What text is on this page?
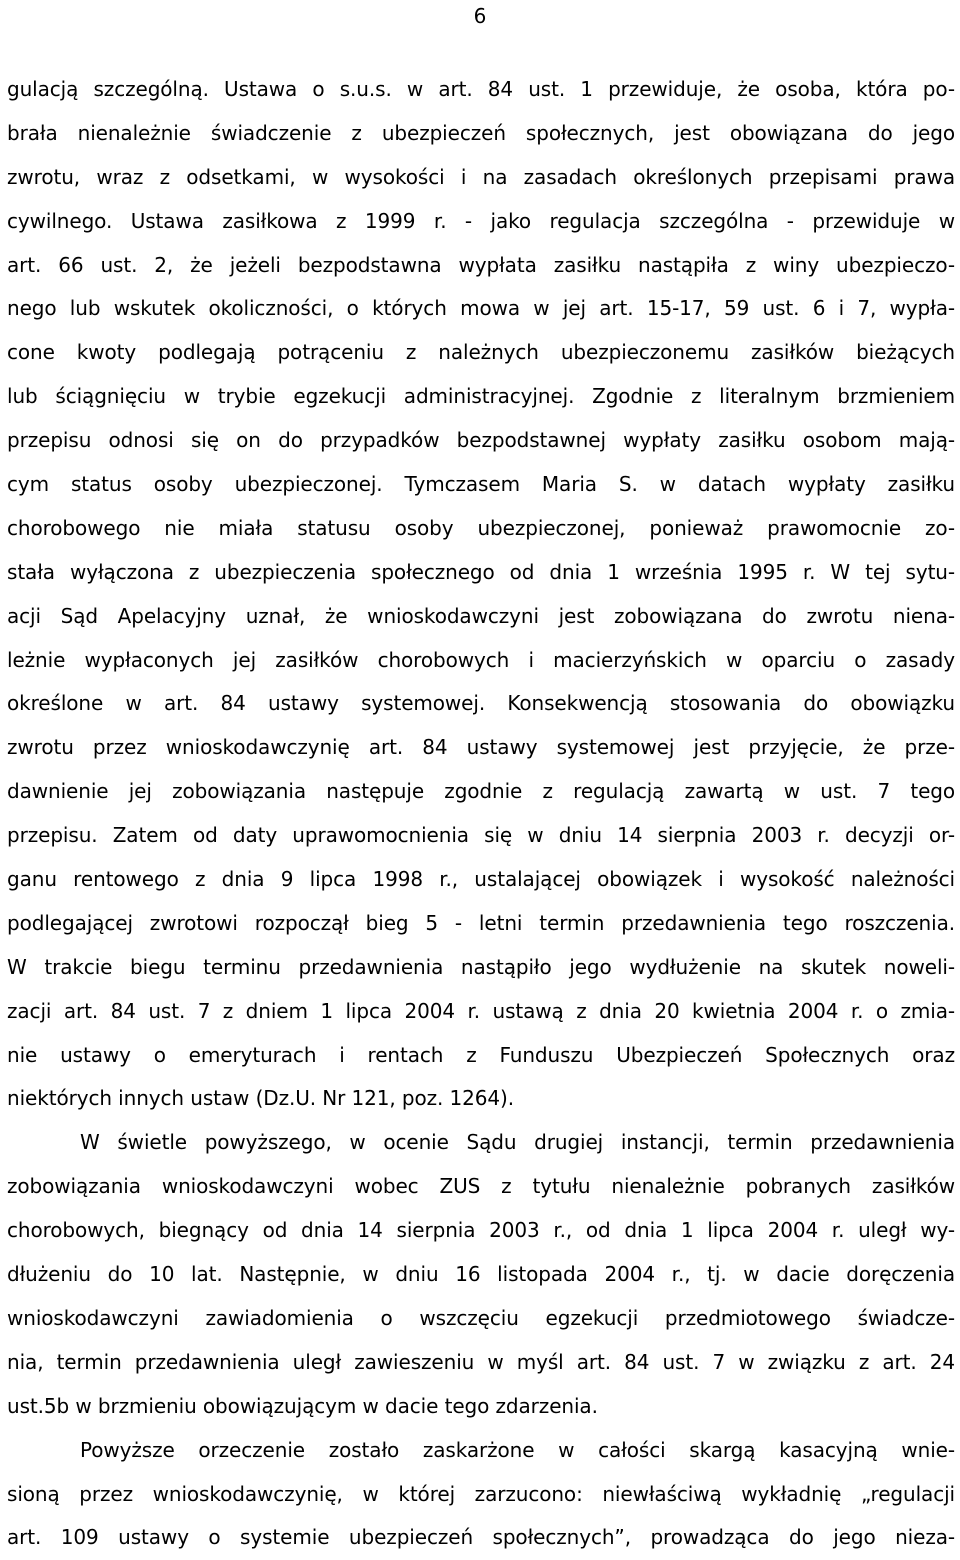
6
gulacją szczególną. Ustawa o s.u.s. w art. 84 ust. 1 przewiduje, że osoba, która po-
brała nienależnie świadczenie z ubezpieczeń społecznych, jest obowiązana do jego
zwrotu, wraz z odsetkami, w wysokości i na zasadach określonych przepisami prawa
cywilnego. Ustawa zasiłkowa z 1999 r. - jako regulacja szczególna - przewiduje w
art. 66 ust. 2, że jeżeli bezpodstawna wypłata zasiłku nastąpiła z winy ubezpieczo-
nego lub wskutek okoliczności, o których mowa w jej art. 15-17, 59 ust. 6 i 7, wypła-
cone kwoty podlegają potrąceniu z należnych ubezpieczonemu zasiłków bieżących
lub ściągnięciu w trybie egzekucji administracyjnej. Zgodnie z literalnym brzmieniem
przepisu odnosi się on do przypadków bezpodstawnej wypłaty zasiłku osobom mają-
cym status osoby ubezpieczonej. Tymczasem Maria S. w datach wypłaty zasiłku
chorobowego nie miała statusu osoby ubezpieczonej, ponieważ prawomocnie zo-
stała wyłączona z ubezpieczenia społecznego od dnia 1 września 1995 r. W tej sytu-
acji Sąd Apelacyjny uznał, że wnioskodawczyni jest zobowiązana do zwrotu niena-
leżnie wypłaconych jej zasiłków chorobowych i macierzyńskich w oparciu o zasady
określone w art. 84 ustawy systemowej. Konsekwencją stosowania do obowiązku
zwrotu przez wnioskodawczynię art. 84 ustawy systemowej jest przyjęcie, że prze-
dawnienie jej zobowiązania następuje zgodnie z regulacją zawartą w ust. 7 tego
przepisu. Zatem od daty uprawomocnienia się w dniu 14 sierpnia 2003 r. decyzji or-
ganu rentowego z dnia 9 lipca 1998 r., ustalającej obowiązek i wysokość należności
podlegającej zwrotowi rozpoczął bieg 5 - letni termin przedawnienia tego roszczenia.
W trakcie biegu terminu przedawnienia nastąpiło jego wydłużenie na skutek noweli-
zacji art. 84 ust. 7 z dniem 1 lipca 2004 r. ustawą z dnia 20 kwietnia 2004 r. o zmia-
nie ustawy o emeryturach i rentach z Funduszu Ubezpieczeń Społecznych oraz
niektórych innych ustaw (Dz.U. Nr 121, poz. 1264).
W świetle powyższego, w ocenie Sądu drugiej instancji, termin przedawnienia
zobowiązania wnioskodawczyni wobec ZUS z tytułu nienależnie pobranych zasiłków
chorobowych, biegnący od dnia 14 sierpnia 2003 r., od dnia 1 lipca 2004 r. uległ wy-
dłużeniu do 10 lat. Następnie, w dniu 16 listopada 2004 r., tj. w dacie doręczenia
wnioskodawczyni zawiadomienia o wszczęciu egzekucji przedmiotowego świadcze-
nia, termin przedawnienia uległ zawieszeniu w myśl art. 84 ust. 7 w związku z art. 24
ust.5b w brzmieniu obowiązującym w dacie tego zdarzenia.
Powyższe orzeczenie zostało zaskarżone w całości skargą kasacyjną wnie-
sioną przez wnioskodawczynię, w której zarzucono: niewłaściwą wykładnię „regulacji
art. 109 ustawy o systemie ubezpieczeń społecznych”, prowadząca do jego nieza-
